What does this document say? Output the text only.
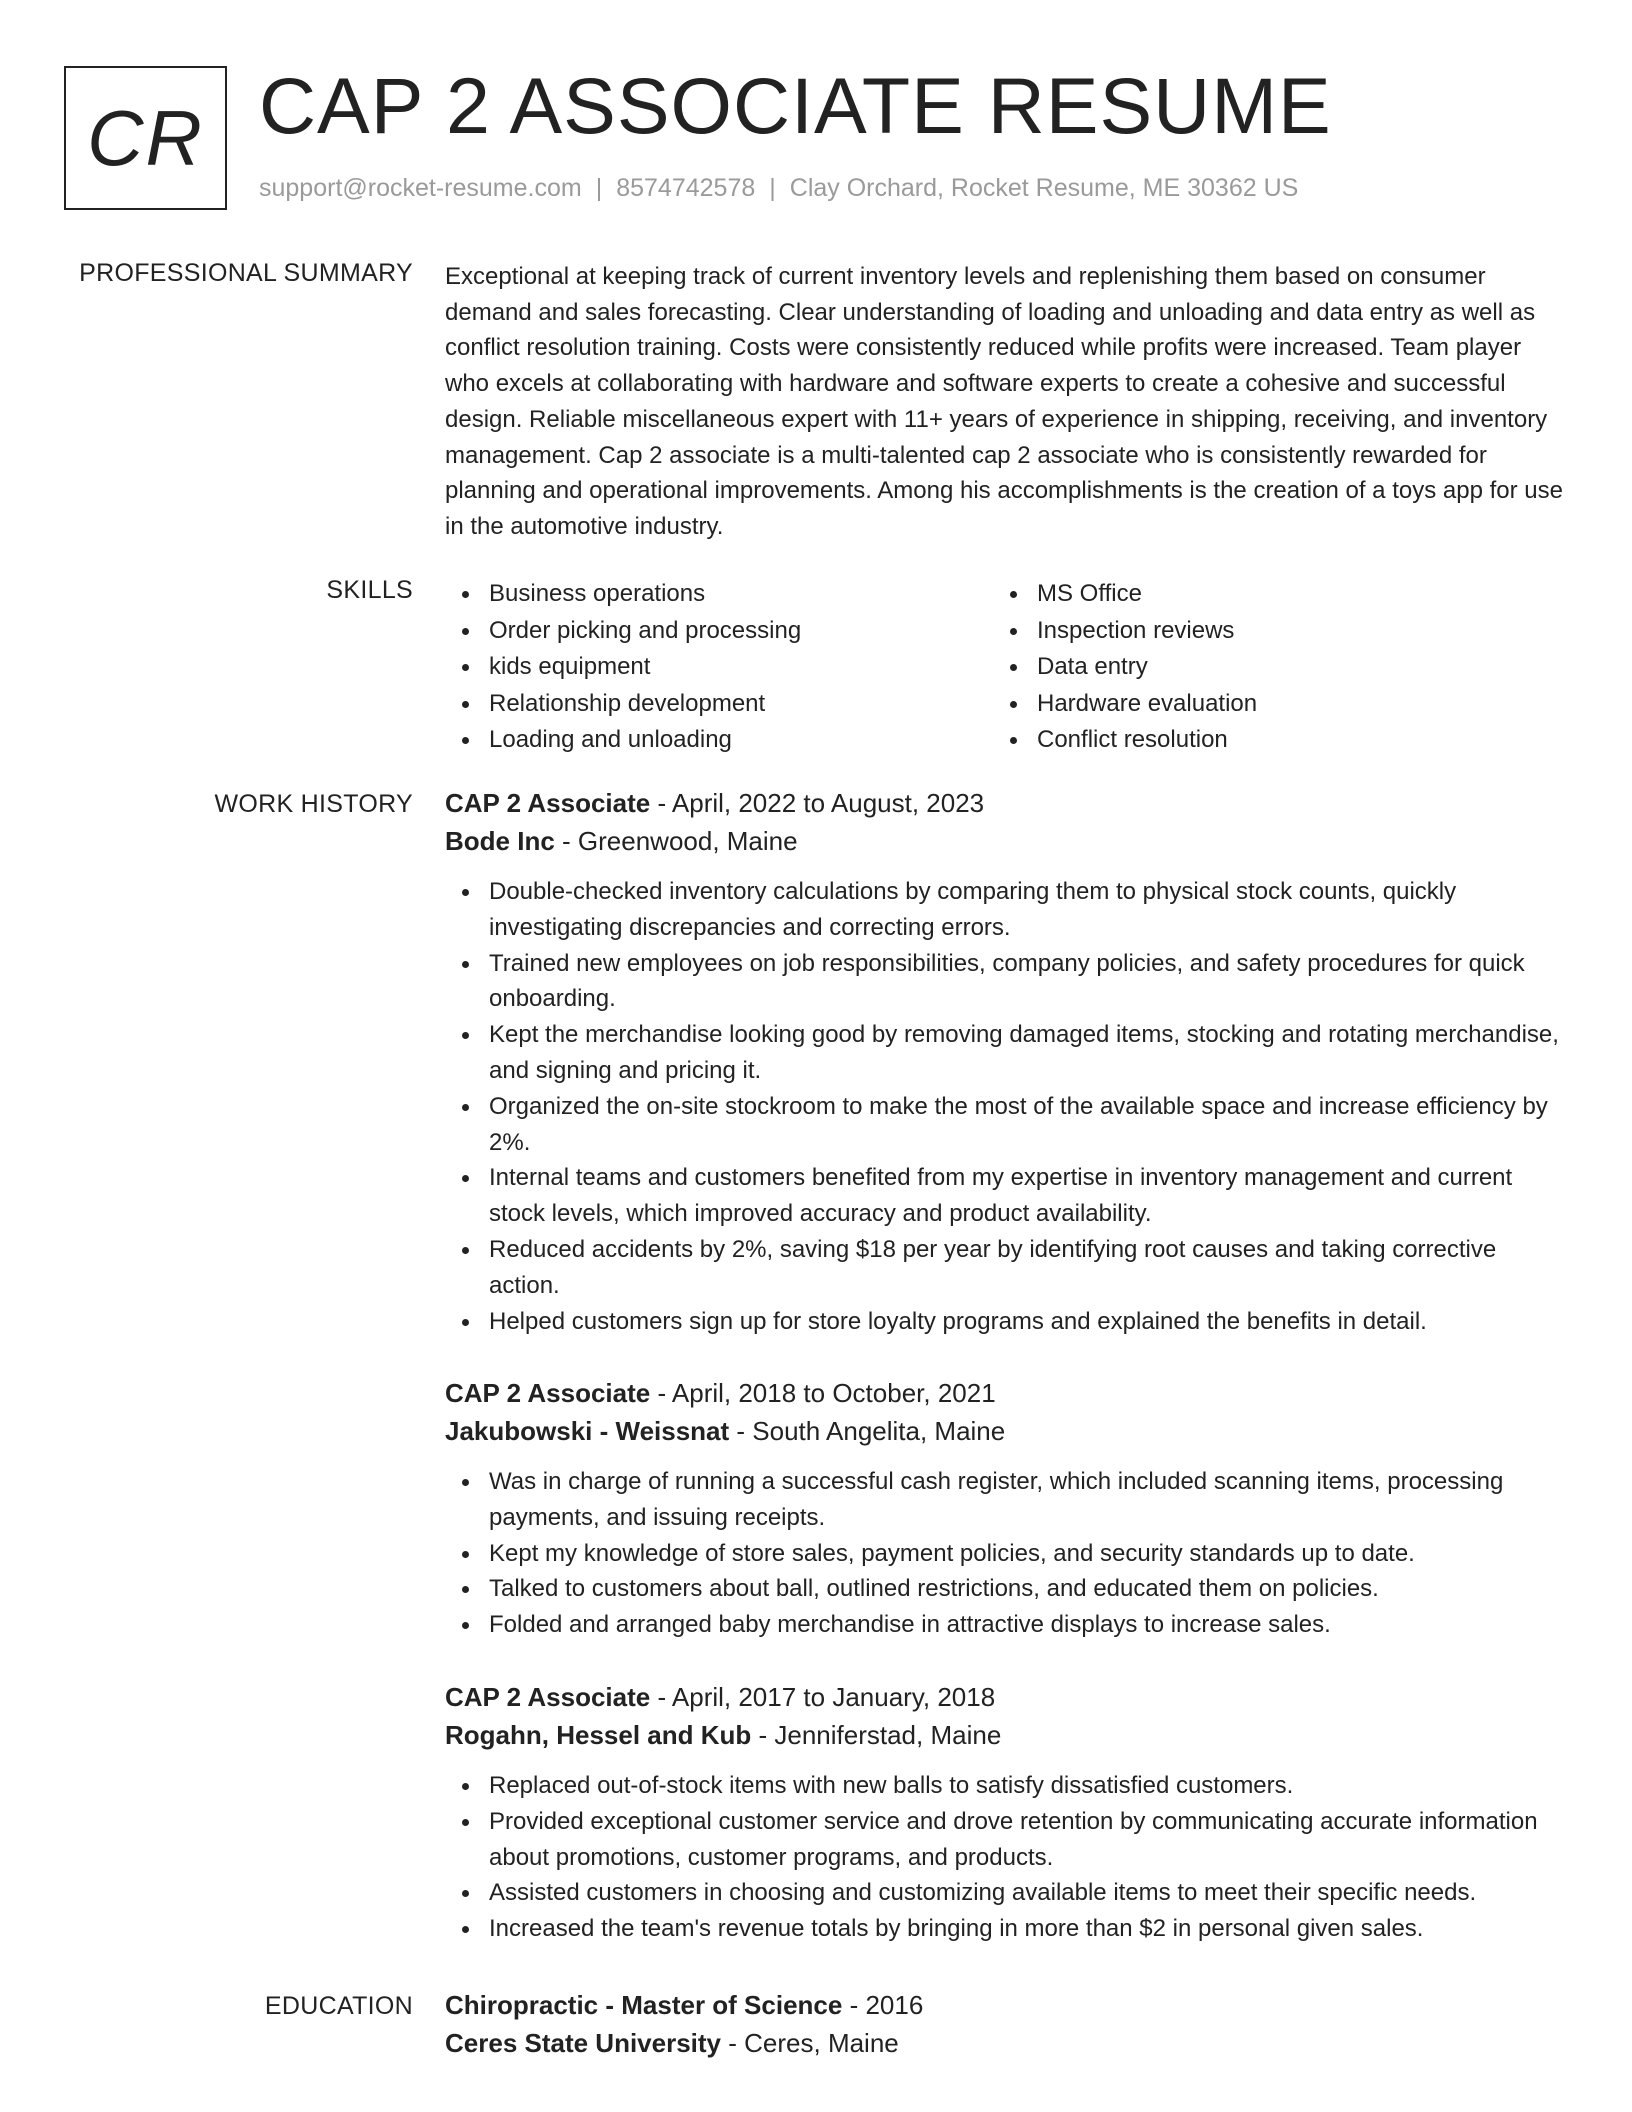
CR CAP 2 ASSOCIATE RESUME
support@rocket-resume.com | 8574742578 | Clay Orchard, Rocket Resume, ME 30362 US
PROFESSIONAL SUMMARY Exceptional at keeping track of current inventory levels and replenishing them based on consumer demand and sales forecasting. Clear understanding of loading and unloading and data entry as well as conflict resolution training. Costs were consistently reduced while profits were increased. Team player who excels at collaborating with hardware and software experts to create a cohesive and successful design. Reliable miscellaneous expert with 11+ years of experience in shipping, receiving, and inventory management. Cap 2 associate is a multi-talented cap 2 associate who is consistently rewarded for planning and operational improvements. Among his accomplishments is the creation of a toys app for use in the automotive industry.
SKILLS	Business operations
Order picking and processing
kids equipment
Relationship development
Loading and unloading
MS Office
Inspection reviews
Data entry
Hardware evaluation
Conflict resolution
WORK HISTORY CAP 2 Associate - April, 2022 to August, 2023
Bode Inc - Greenwood, Maine
Double-checked inventory calculations by comparing them to physical stock counts, quickly investigating discrepancies and correcting errors.
Trained new employees on job responsibilities, company policies, and safety procedures for quick onboarding.
Kept the merchandise looking good by removing damaged items, stocking and rotating merchandise, and signing and pricing it.
Organized the on-site stockroom to make the most of the available space and increase efficiency by 2%.
Internal teams and customers benefited from my expertise in inventory management and current stock levels, which improved accuracy and product availability.
Reduced accidents by 2%, saving $18 per year by identifying root causes and taking corrective action.
Helped customers sign up for store loyalty programs and explained the benefits in detail.
CAP 2 Associate - April, 2018 to October, 2021
Jakubowski - Weissnat - South Angelita, Maine
Was in charge of running a successful cash register, which included scanning items, processing payments, and issuing receipts.
Kept my knowledge of store sales, payment policies, and security standards up to date.
Talked to customers about ball, outlined restrictions, and educated them on policies.
Folded and arranged baby merchandise in attractive displays to increase sales.
CAP 2 Associate - April, 2017 to January, 2018
Rogahn, Hessel and Kub - Jenniferstad, Maine
Replaced out-of-stock items with new balls to satisfy dissatisfied customers.
Provided exceptional customer service and drove retention by communicating accurate information about promotions, customer programs, and products.
Assisted customers in choosing and customizing available items to meet their specific needs.
Increased the team's revenue totals by bringing in more than $2 in personal given sales.
EDUCATION Chiropractic - Master of Science - 2016
Ceres State University - Ceres, Maine
